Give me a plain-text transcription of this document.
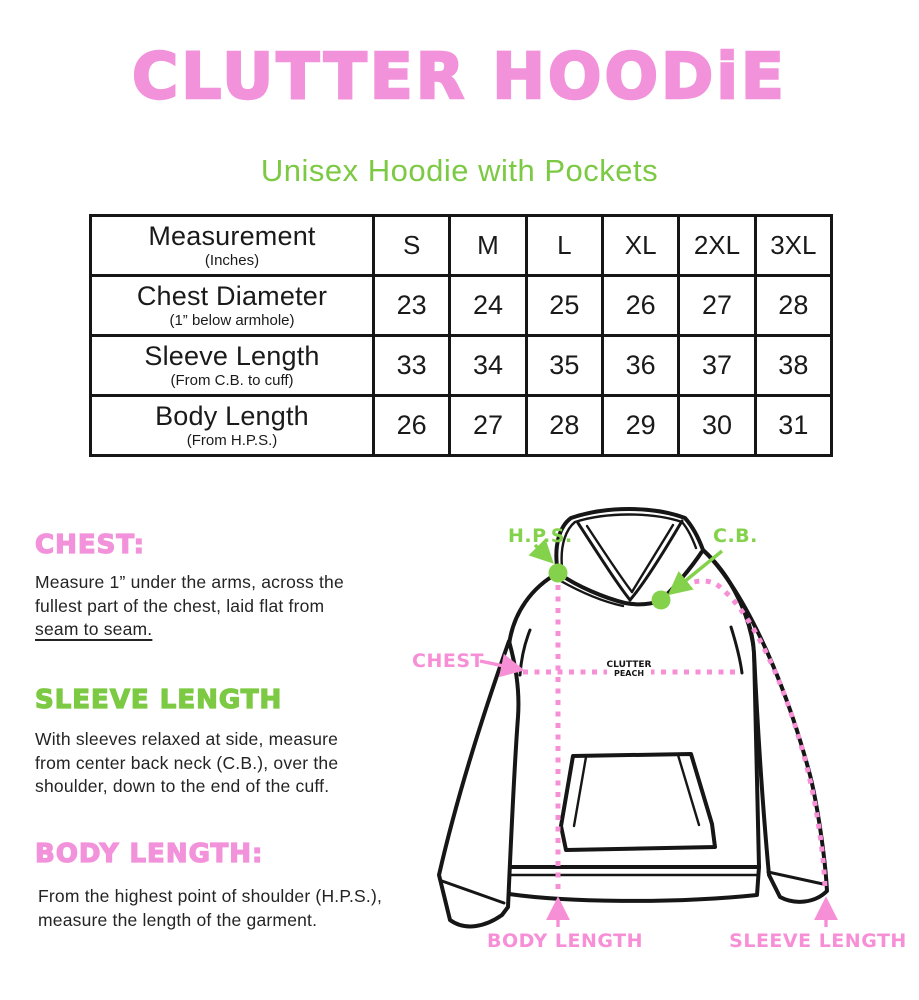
CLUTTER HOODiE
Unisex Hoodie with Pockets
Measurement
(Inches)	S	M	L	XL	2XL	3XL

Chest Diameter
(1” below armhole)	23	24	25	26	27	28

Sleeve Length
(From C.B. to cuff)	33	34	35	36	37	38

Body Length
(From H.P.S.)	26	27	28	29	30	31
CHEST:
Measure 1” under the arms, across the
fullest part of the chest, laid flat from
seam to seam.
SLEEVE LENGTH
With sleeves relaxed at side, measure
from center back neck (C.B.), over the
shoulder, down to the end of the cuff.
BODY LENGTH:
From the highest point of shoulder (H.P.S.),
measure the length of the garment.
CLUTTER
PEACH
H.P.S.	C.B.
CHEST
BODY LENGTH	SLEEVE LENGTH
